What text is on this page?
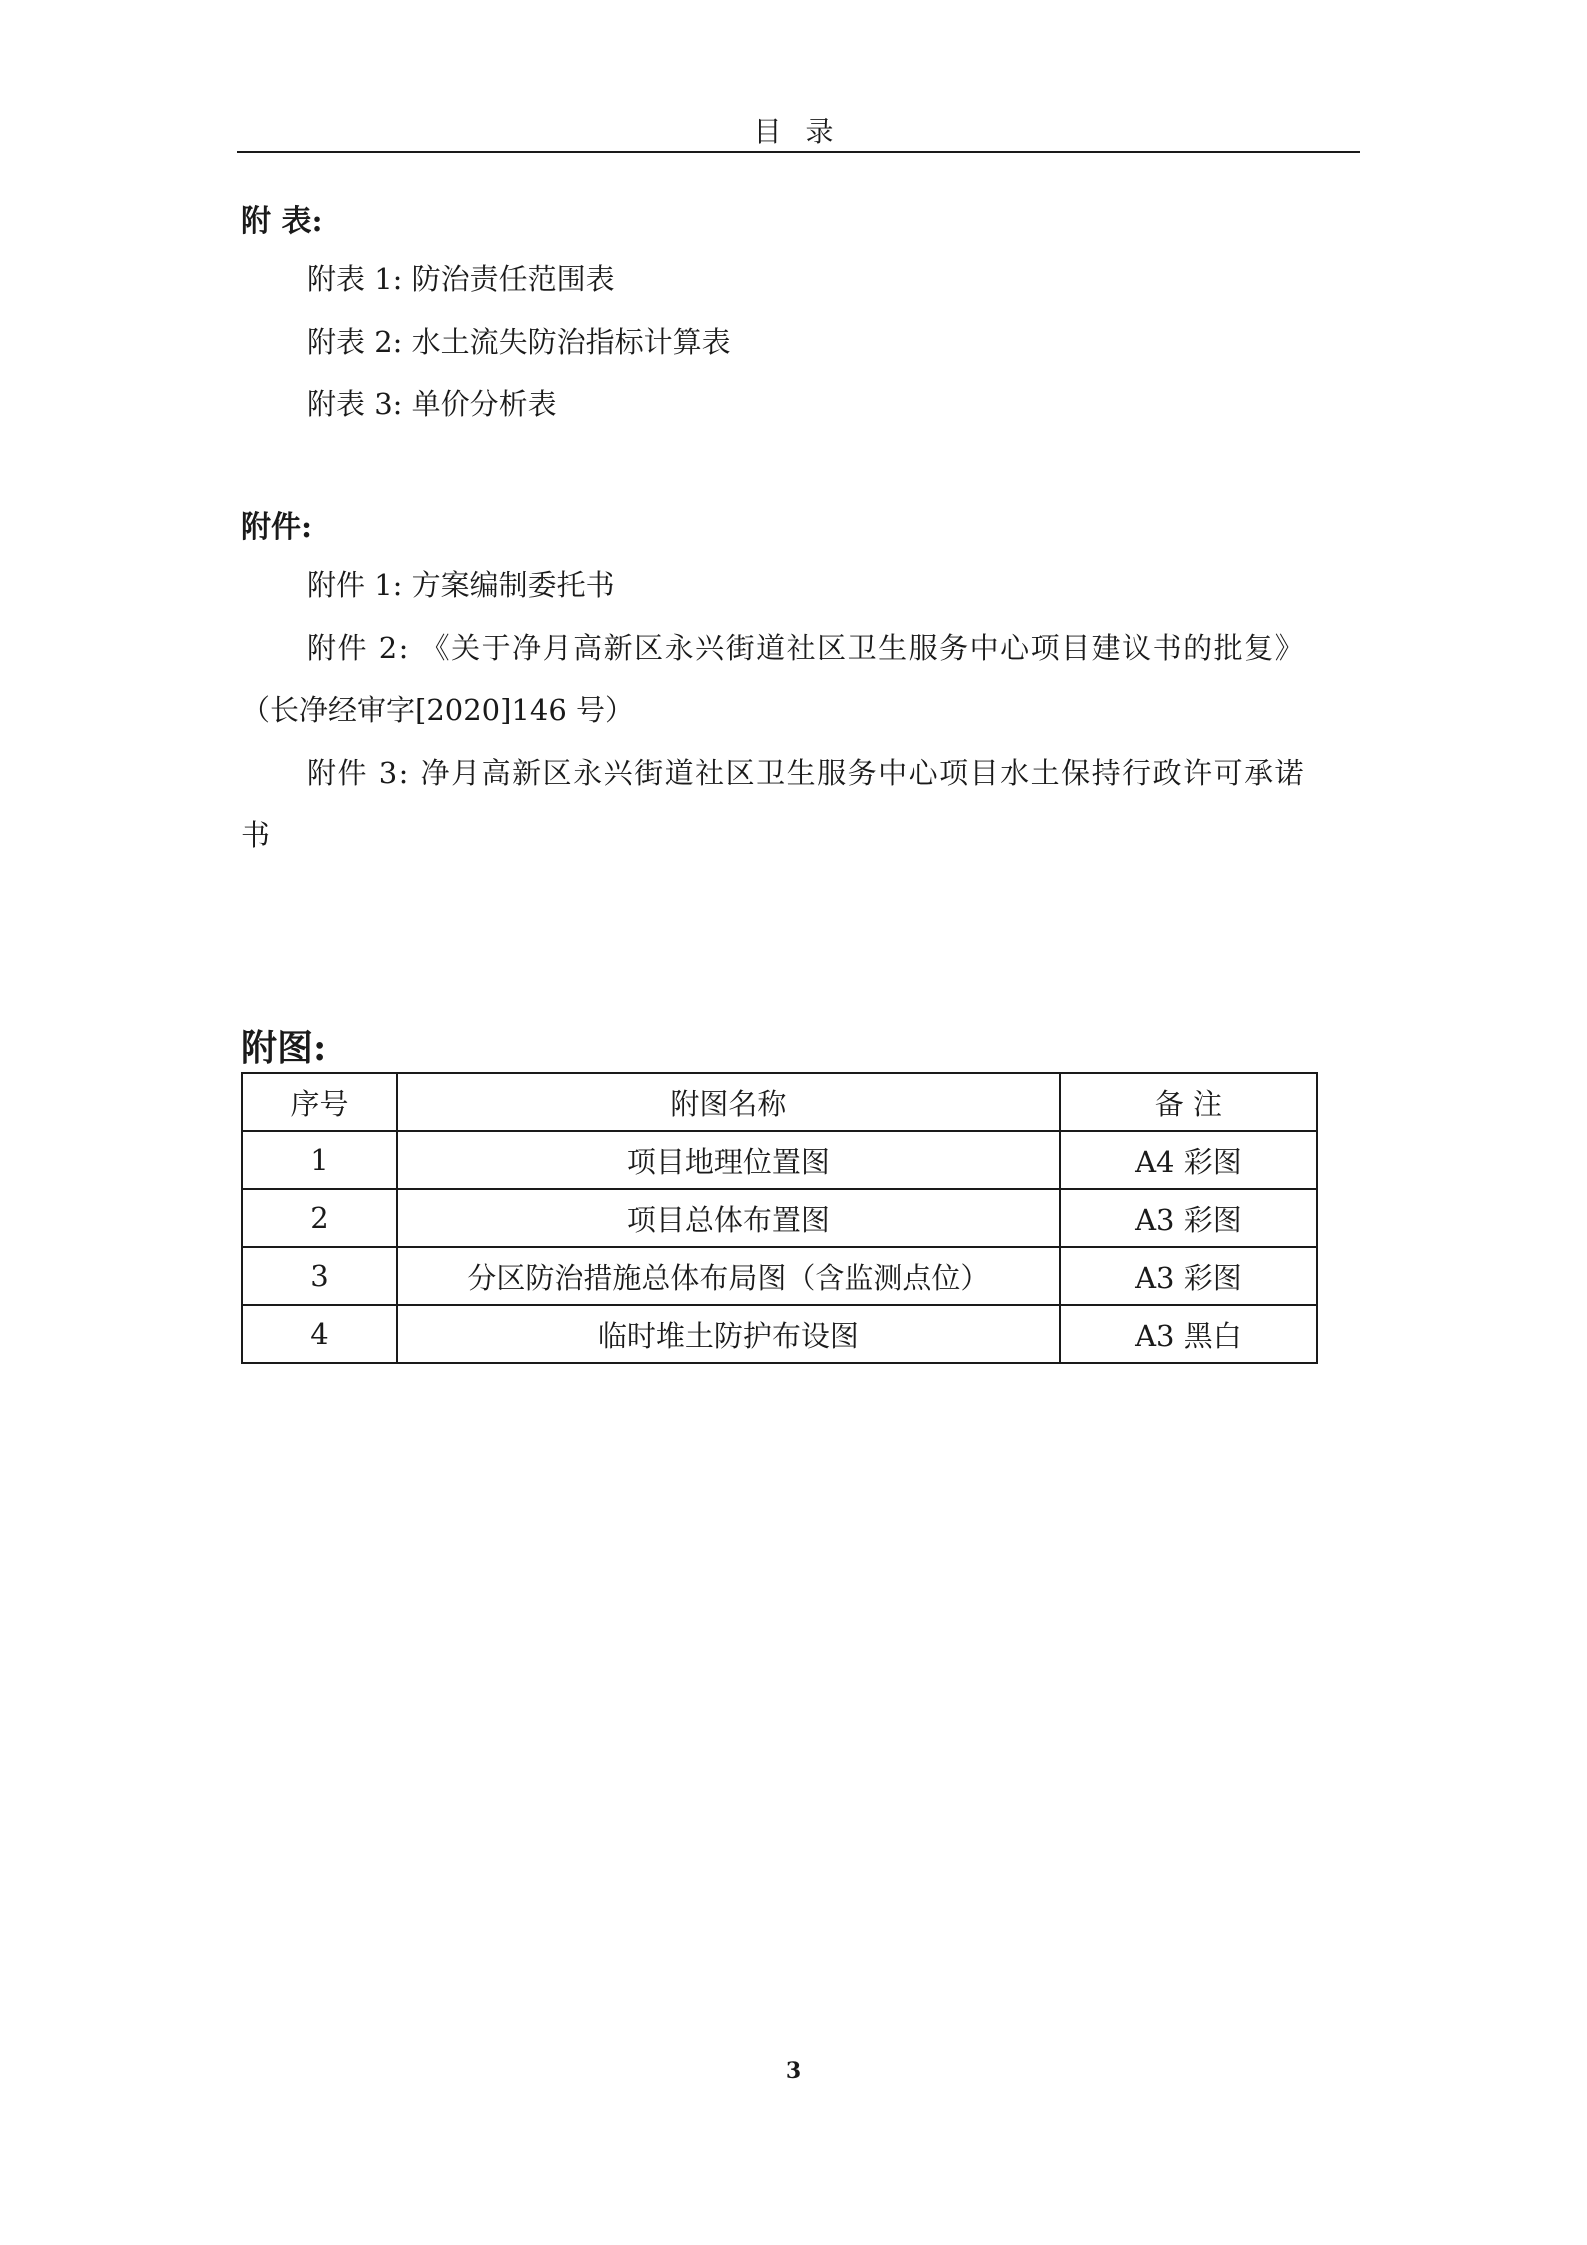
目录
附 表:
附表 1: 防治责任范围表
附表 2: 水土流失防治指标计算表
附表 3: 单价分析表
附件:
附件 1: 方案编制委托书
附件 2: 《关于净月高新区永兴街道社区卫生服务中心项目建议书的批复》
（长净经审字[2020]146 号）
附件 3: 净月高新区永兴街道社区卫生服务中心项目水土保持行政许可承诺
书
附图:
序号	附图名称	备 注
1	项目地理位置图	A4 彩图
2	项目总体布置图	A3 彩图
3	分区防治措施总体布局图（含监测点位）	A3 彩图
4	临时堆土防护布设图	A3 黑白
3
